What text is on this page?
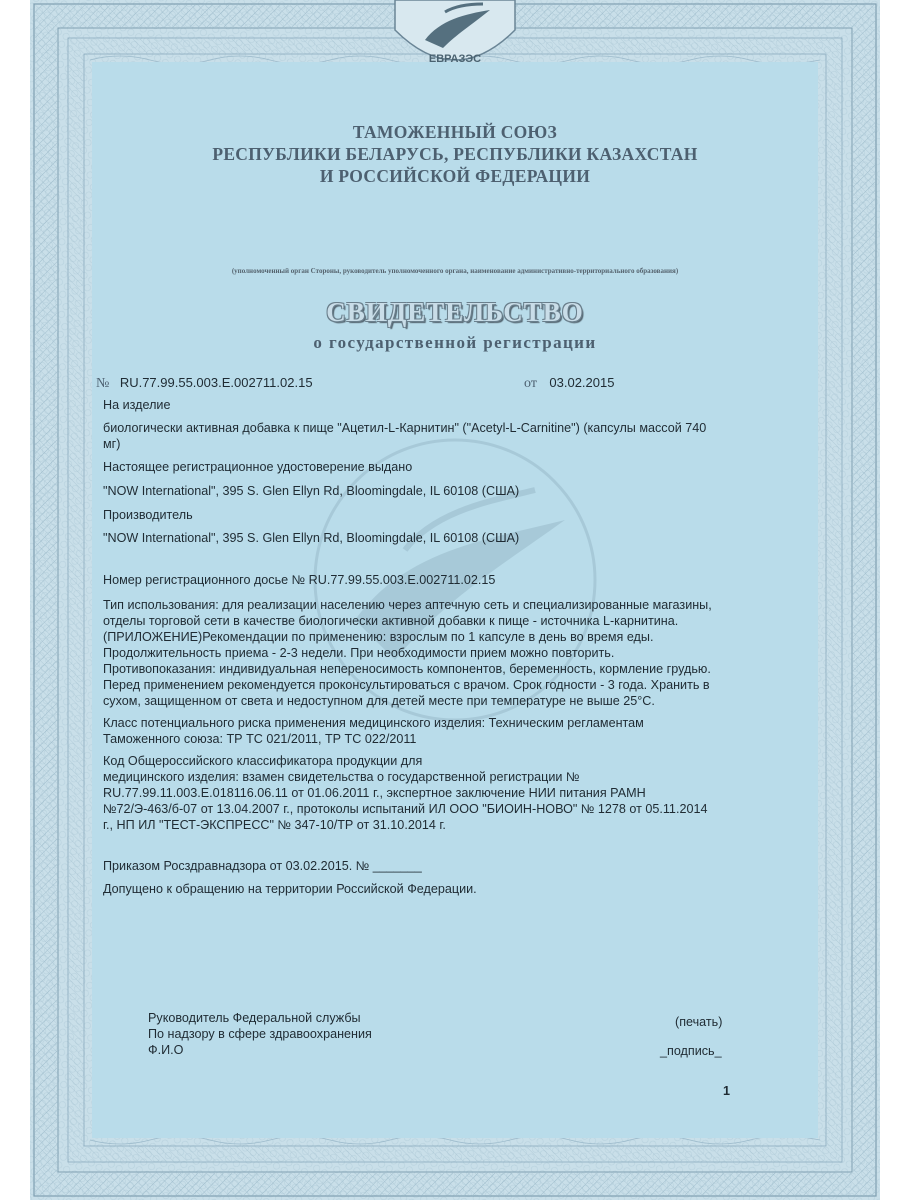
ЕВРАЗЭС

ТАМОЖЕННЫЙ СОЮЗ

РЕСПУБЛИКИ БЕЛАРУСЬ, РЕСПУБЛИКИ КАЗАХСТАН

И РОССИЙСКОЙ ФЕДЕРАЦИИ

(уполномоченный орган Стороны, руководитель уполномоченного органа, наименование административно-территориального образования)

СВИДЕТЕЛЬСТВО

о государственной регистрации

№ RU.77.99.55.003.Е.002711.02.15	от 03.02.2015

На изделие

биологически активная добавка к пище "Ацетил-L-Карнитин" ("Acetyl-L-Carnitine") (капсулы массой 740

мг)

Настоящее регистрационное удостоверение выдано

"NOW International", 395 S. Glen Ellyn Rd, Bloomingdale, IL 60108 (США)

Производитель

"NOW International", 395 S. Glen Ellyn Rd, Bloomingdale, IL 60108 (США)

Номер регистрационного досье № RU.77.99.55.003.Е.002711.02.15

Тип использования: для реализации населению через аптечную сеть и специализированные магазины,

отделы торговой сети в качестве биологически активной добавки к пище - источника L-карнитина.

(ПРИЛОЖЕНИЕ)Рекомендации по применению: взрослым по 1 капсуле в день во время еды.

Продолжительность приема - 2-3 недели. При необходимости прием можно повторить.

Противопоказания: индивидуальная непереносимость компонентов, беременность, кормление грудью.

Перед применением рекомендуется проконсультироваться с врачом. Срок годности - 3 года. Хранить в

сухом, защищенном от света и недоступном для детей месте при температуре не выше 25°С.

Класс потенциального риска применения медицинского изделия: Техническим регламентам

Таможенного союза: ТР ТС 021/2011, ТР ТС 022/2011

Код Общероссийского классификатора продукции для

медицинского изделия: взамен свидетельства о государственной регистрации №

RU.77.99.11.003.Е.018116.06.11 от 01.06.2011 г., экспертное заключение НИИ питания РАМН

№72/Э-463/б-07 от 13.04.2007 г., протоколы испытаний ИЛ ООО "БИОИН-НОВО" № 1278 от 05.11.2014

г., НП ИЛ "ТЕСТ-ЭКСПРЕСС" № 347-10/ТР от 31.10.2014 г.

Приказом Росздравнадзора от 03.02.2015. № _______

Допущено к обращению на территории Российской Федерации.

Руководитель Федеральной службы

По надзору в сфере здравоохранения

Ф.И.О

(печать)

_подпись_

1
